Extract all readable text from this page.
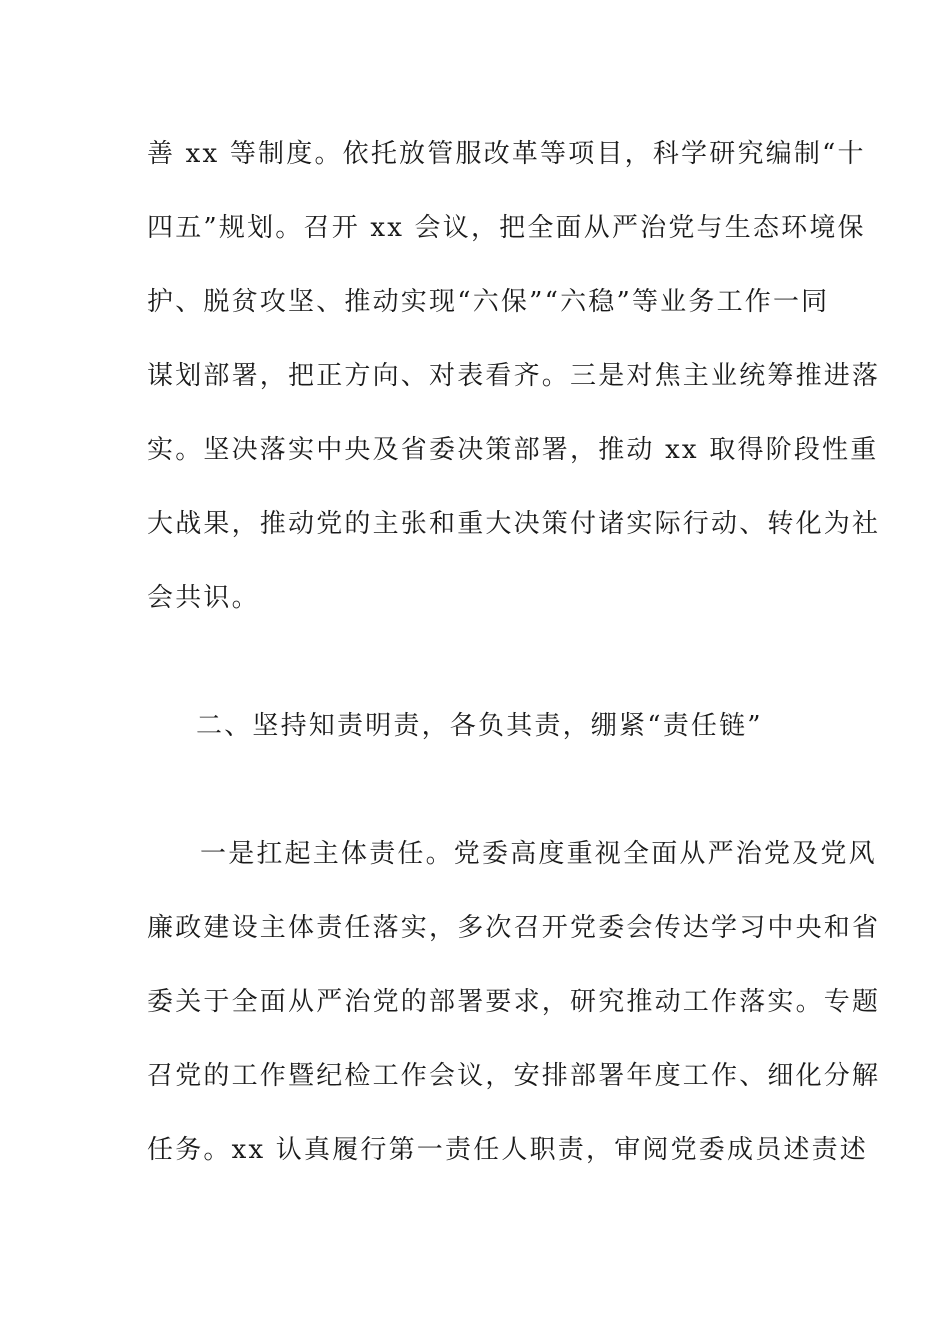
善 xx 等制度。依托放管服改革等项目，科学研究编制“十
四五”规划。召开 xx 会议，把全面从严治党与生态环境保
护、脱贫攻坚、推动实现“六保”“六稳”等业务工作一同
谋划部署，把正方向、对表看齐。三是对焦主业统筹推进落
实。坚决落实中央及省委决策部署，推动 xx 取得阶段性重
大战果，推动党的主张和重大决策付诸实际行动、转化为社
会共识。
二、坚持知责明责，各负其责，绷紧“责任链”
一是扛起主体责任。党委高度重视全面从严治党及党风
廉政建设主体责任落实，多次召开党委会传达学习中央和省
委关于全面从严治党的部署要求，研究推动工作落实。专题
召党的工作暨纪检工作会议，安排部署年度工作、细化分解
任务。xx 认真履行第一责任人职责，审阅党委成员述责述
